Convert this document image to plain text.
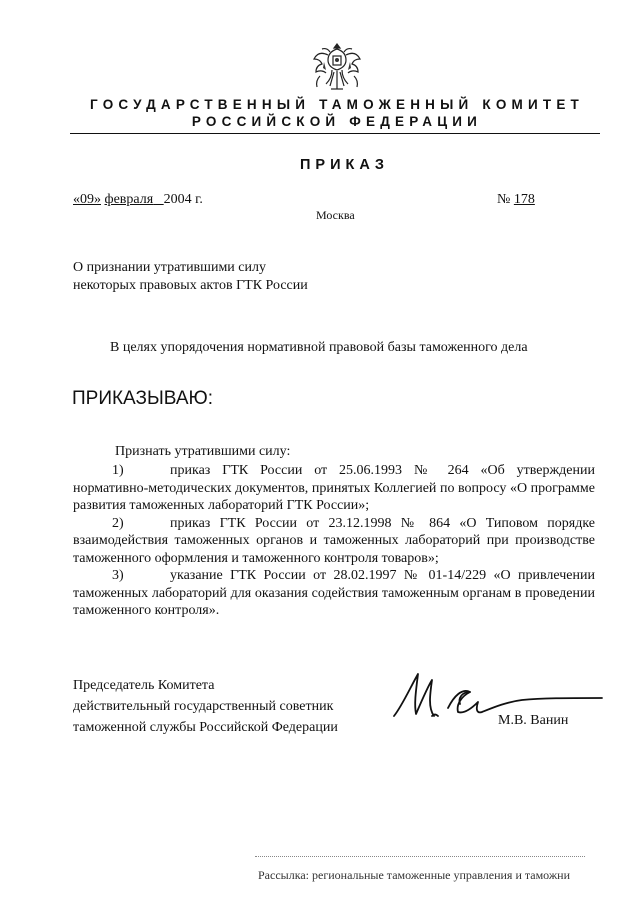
ГОСУДАРСТВЕННЫЙ ТАМОЖЕННЫЙ КОМИТЕТ
РОССИЙСКОЙ ФЕДЕРАЦИИ
ПРИКАЗ
«09» февраля 2004 г.	№ 178
Москва
О признании утратившими силу
некоторых правовых актов ГТК России
В целях упорядочения нормативной правовой базы таможенного дела
ПРИКАЗЫВАЮ:
Признать утратившими силу:

1)	приказ ГТК России от 25.06.1993 № 264 «Об утверждении нормативно-методических документов, принятых Коллегией по вопросу «О программе развития таможенных лабораторий ГТК России»;

2)	приказ ГТК России от 23.12.1998 № 864 «О Типовом порядке взаимодействия таможенных органов и таможенных лабораторий при производстве таможенного оформления и таможенного контроля товаров»;

3)	указание ГТК России от 28.02.1997 № 01-14/229 «О привлечении таможенных лабораторий для оказания содействия таможенным органам в проведении таможенного контроля».

Председатель Комитета
действительный государственный советник
таможенной службы Российской Федерации	М.В. Ванин
Рассылка: региональные таможенные управления и таможни
